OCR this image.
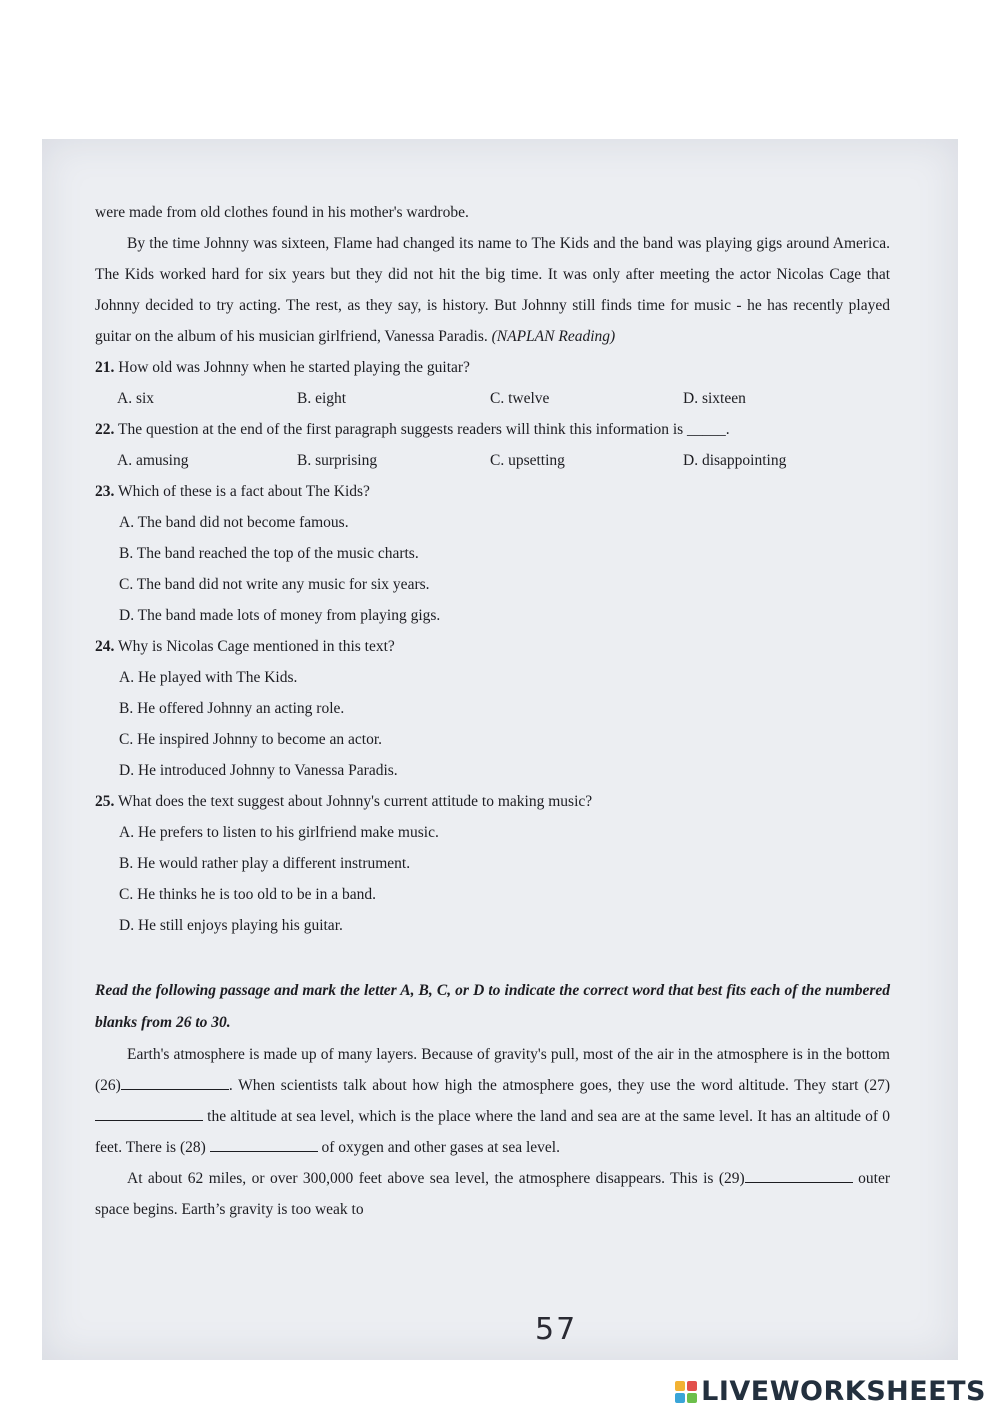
were made from old clothes found in his mother's wardrobe.

By the time Johnny was sixteen, Flame had changed its name to The Kids and the band was playing gigs around America. The Kids worked hard for six years but they did not hit the big time. It was only after meeting the actor Nicolas Cage that Johnny decided to try acting. The rest, as they say, is history. But Johnny still finds time for music - he has recently played guitar on the album of his musician girlfriend, Vanessa Paradis. (NAPLAN Reading)

21. How old was Johnny when he started playing the guitar?

A. six	B. eight	C. twelve	D. sixteen

22. The question at the end of the first paragraph suggests readers will think this information is _____.

A. amusing	B. surprising	C. upsetting	D. disappointing

23. Which of these is a fact about The Kids?

A. The band did not become famous.

B. The band reached the top of the music charts.

C. The band did not write any music for six years.

D. The band made lots of money from playing gigs.

24. Why is Nicolas Cage mentioned in this text?

A. He played with The Kids.

B. He offered Johnny an acting role.

C. He inspired Johnny to become an actor.

D. He introduced Johnny to Vanessa Paradis.

25. What does the text suggest about Johnny's current attitude to making music?

A. He prefers to listen to his girlfriend make music.

B. He would rather play a different instrument.

C. He thinks he is too old to be in a band.

D. He still enjoys playing his guitar.

Read the following passage and mark the letter A, B, C, or D to indicate the correct word that best fits each of the numbered blanks from 26 to 30.

Earth's atmosphere is made up of many layers. Because of gravity's pull, most of the air in the atmosphere is in the bottom (26)	. When scientists talk about how high the atmosphere goes, they use the word altitude. They start (27)  the altitude at sea level, which is the place where the land and sea are at the same level. It has an altitude of 0 feet. There is (28)	of oxygen and other gases at sea level.

At about 62 miles, or over 300,000 feet above sea level, the atmosphere disappears. This is (29)	outer space begins. Earth’s gravity is too weak to

57
LIVEWORKSHEETS
